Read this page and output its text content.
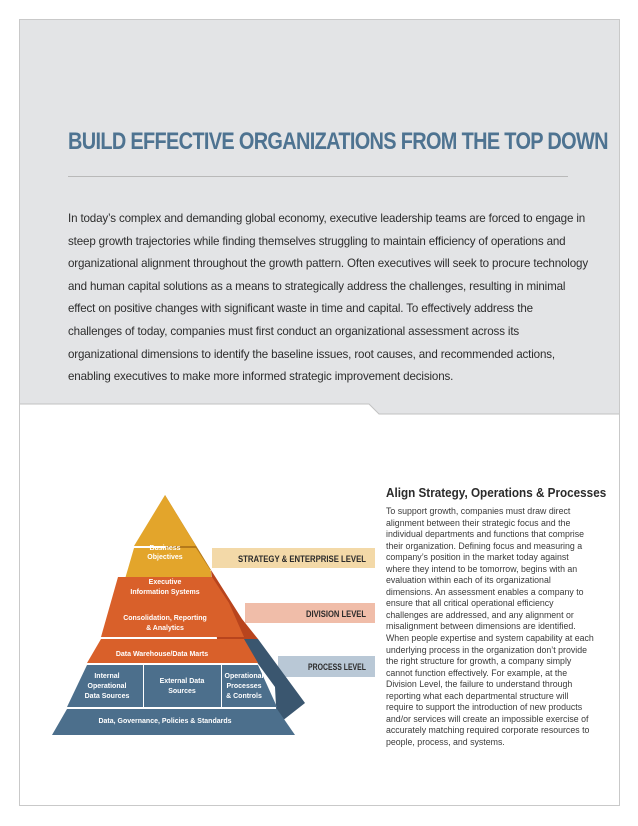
BUILD EFFECTIVE ORGANIZATIONS FROM THE TOP DOWN

In today’s complex and demanding global economy, executive leadership teams are forced to engage in steep growth trajectories while finding themselves struggling to maintain efficiency of operations and organizational alignment throughout the growth pattern. Often executives will seek to procure technology and human capital solutions as a means to strategically address the challenges, resulting in minimal effect on positive changes with significant waste in time and capital. To effectively address the challenges of today, companies must first conduct an organizational assessment across its organizational dimensions to identify the baseline issues, root causes, and recommended actions, enabling executives to make more informed strategic improvement decisions.

Business
Objectives
Executive
Information Systems
Consolidation, Reporting
& Analytics
Data Warehouse/Data Marts
Internal
Operational
Data Sources
External Data
Sources
Operational
Processes
& Controls
Data, Governance, Policies & Standards
STRATEGY & ENTERPRISE LEVEL
DIVISION LEVEL
PROCESS LEVEL
Align Strategy, Operations & Processes

To support growth, companies must draw direct alignment between their strategic focus and the individual departments and functions that comprise their organization. Defining focus and measuring a company’s position in the market today against where they intend to be tomorrow, begins with an evaluation within each of its organizational dimensions. An assessment enables a company to ensure that all critical operational efficiency challenges are addressed, and any alignment or misalignment between dimensions are identified. When people expertise and system capability at each underlying process in the organization don’t provide the right structure for growth, a company simply cannot function effectively. For example, at the Division Level, the failure to understand through reporting what each departmental structure will require to support the introduction of new products and/or services will create an impossible exercise of accurately matching required corporate resources to people, process, and systems.
